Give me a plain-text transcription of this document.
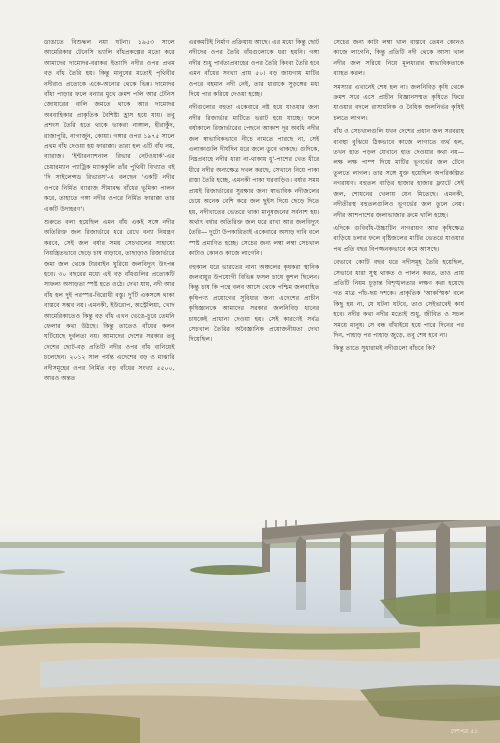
ডাঙাতে বিশুদ্ধল নয়া ঘটনা। ১৯৫৩ সালে আমেরিকার টেনেসি ভ্যালি বাঁধপ্রকল্পের মতো করে আমাদের দামোদর-বরাকর ইত্যাদি নদীর ওপর প্রথম বড় বাঁধ তৈরি হয়। কিন্তু মানুষের মতোই পৃথিবীর নদীরাও প্রত্যেকে একে-অন্যের থেকে ভিন্ন। দামোদর বাঁধা পাড়ার ফলে বন্যার মুখে ক্রমশ পলি আর টেনিস জোয়ারের বালি জমতে থাকে আর দামোদর অববাহিকার প্রাকৃতিক বৈশিষ্ট্য হ্রাস হয়ে যায়। তবু প্রশংস তৈরি হতে থাকে ভাকরা নাঙ্গাল, হীরাকুঁদ, রাজাপুরি, নাগার্জুন, কোয়া। গঙ্গার ওপর ১৯৭৫ সালে প্রথম বাঁধ দেওয়া হয় ফারাক্কা। তারা হল এটি বাঁধ নয়, ব্যারাজ। 'ইন্টারন্যাশনাল রিভার নেটওয়ার্ক'-এর চেয়ারম্যান প্যাট্রিক ম্যাককুলি তাঁর পুথিবী বিখ্যাত বই 'দি সাইলেন্সড রিভারস'-এ বলছেন 'একটি নদীর ওপরে নির্মিত ব্যারাজ সীমাবদ্ধ বাঁধের ভূমিকা পালন করে, তাহাতে গঙ্গা নদীর ওপরে নির্মিত ফারাক্কা তার একটি উদাহরণ'।

শুরুতে বলা হয়েছিল এমন বাঁধ একই সঙ্গে নদীর অতিরিক্ত জল রিজার্ভারে ধরে রেখে বন্যা নিয়ন্ত্রণ করবে, সেই জল বর্ষার সময় সেচখালের সাহায্যে নিয়ন্ত্রিতভাবে ছেড়ে চাষ বাড়াবে, তাছাড়াও রিজার্ভারে জমা জল থেকে টারবাইন ঘুরিয়ে জলবিদ্যুৎ উৎপন্ন হবে। ৩০ বছরের মধ্যে এই বড় বাঁধগুলির প্রত্যেকটি সাফল্য অসাড়তা স্পষ্ট হতে ওঠে। দেখা যায়, নদী আর বাঁধ হল দুই পরস্পর-বিরোধী বস্তু। দু'টি একসঙ্গে থাকা বাস্তবে সম্ভব নয়। এমনকী, ইউরোপ, অস্ট্রেলিয়া, খোদ আমেরিকাতেও কিন্তু বড় বাঁধ এখন ভেঙে-চুরে তেমনি ফেলার কথা উঠছে। কিন্তু তাতেও বাঁধের কলন ঘটিয়েছে দুর্বলতা নয়। আমাদের দেশের সরকার তবু দেশের ছোট-বড় প্রতিটি নদীর ওপর বাঁধ বানিয়েই চলেছেন। ২০১২ সাল পর্যন্ত এদেশের বড় ও মাঝারি নদীসমূহের ওপর নির্মিত বড় বাঁধের সংখ্যা ৫৫০০, আরও অন্তত

এরকমটিই নির্মাণ প্রক্রিয়ায় আছে। এর মধ্যে কিন্তু ছোট নদীদের ওপর তৈরি বাঁধগুলোকে ধরা হয়নি। গঙ্গা নদীর শুধু পার্বত্যপ্রবাহের ওপর তৈরি কিংবা তৈরি হবে এমন বাঁধের সংখ্যা প্রায় ৫০। বড় জায়গায় মাটির ওপরে বহমান নদী নেই, তার ধারাকে সুড়ঙ্গের মধ্য দিয়ে পার করিয়ে দেওয়া হচ্ছে।

নদীগুলোর বহুতা একেবারে নষ্ট হয়ে যাওয়ার জন্য নদীর রিজার্ভার মাটিতে ভরাট হয়ে যাচ্ছে। ফলে বর্ষাকালে রিজার্ভারের পেছনে আকাশ দূর অবধি নদীর জল স্বাভাবিকভাবে নীচে নামতে পারছে না, সেই এলাকাগুলি দীর্ঘদিন ধরে জলে ডুবে থাকছে। গুদিকে, নিম্নপ্রবাহে নদীর ধারা না-থাকায় ধু'-পাশের খেত ধীরে ধীরে নদীর অন্যক্ষেত্র দখল করছে, সেখানে নিয়ে পাকা রাস্তা তৈরি হচ্ছে, এমনকী পাকা ঘরবাড়িও। বর্ষার সময় প্রায়ই রিজার্ভারের সুরক্ষার জন্য স্বাভাবিক নদীজলের চেয়ে অনেক বেশি করে জল ছুইস দিয়ে ছেড়ে দিতে হয়, নদীখাতের ভেতরে থাকা মানুষজনের সর্বনাশ হয়। অর্থাৎ বর্ষার অতিরিক্ত জল ধরে রাখা আর জলবিদ্যুৎ তৈরি— দুটো উপকারিতাই একেবারে অসাড় দাবি বলে স্পষ্ট প্রমাণিত হচ্ছে। সেচের জন্য লম্বা লম্বা সেচখাল কাটাও কোনও কাজে লাগেনি।

বহুকাল ধরে ভারতের নানা অঞ্চলের কৃষকরা স্থানিক জলবায়ুর উপযোগী বিভিন্ন ফসল চাষে কুশল ছিলেন। কিন্তু চাষ কি পন্থে বলব আসে থেকে পশ্চিম জলবাহিত কৃষিপণ্য প্রয়োগের সুবিধার জন্য এদেশের প্রাচীন কৃষিজ্ঞানকে আমাদের সরকার জলনিবিড় ধানের চাষকেই প্রাধান্য দেওয়া হয়। সেই কারণেই সর্বত্র সেচখাল তৈরির অবৈজ্ঞানিক প্রয়োজনীয়তা দেখা দিয়েছিল।

সেচের জন্য কাটা লম্বা খাল বাস্তবে তেমন কোনও কাজে লাগেনি, কিন্তু প্রতিটি নদী থেকে আসা খাল নদীর জল সরিয়ে নিয়ে মূলধারার স্বাভাবিকতাকে ব্যাহত করল।

সমস্যার এখানেই শেষ হল না। জলনিবিড় কৃষি থেকে ক্রমশ সরে এসে প্রাচীন বিজ্ঞানসম্মত কৃষিতে ফিরে যাওয়ার বদলে রাসায়নিক ও বৈধিক জলনির্ভর কৃষিই চলতে লাগল।

বাঁধ ও সেচখালগুলি যখন দেশের প্রধান জল সরবরাহ ব্যবস্থা বুঝিয়ে ঠিকভাবে কাজে লাগাতে ব্যর্থ হল, তখন হাত পড়ল যেখানে হাত দেওয়ার কথা নয়— লক্ষ লক্ষ পাম্প দিয়ে মাটির ভূগর্ভের জল টেনে তুলতে লাগল। তার সঙ্গে যুক্ত হয়েছিল অপরিকল্পিত নগরায়ণ। বহুতল বাড়ির হাজার হাজার ফ্ল্যাটে সেই জল, শোধনের খেলায় যেন মিতেছে। এমনকী, নদীতীরস্থ বহুতলগুলিও ভূগর্ভের জল তুলে নেয়। নদীর আশপাশের জলাভাজার ক্রমে খালি হচ্ছে।

এদিকে গুবিবাঁধ-উচ্চাটিন নাগরায়ণ আর কৃষিক্ষেত্র বাড়িয়ে চলার ফলে বৃষ্টিজলের মাটির ভেতরে যাওয়ার পথ প্রতি বছর বিপজ্জনকভাবে কমে আসছে।

বেভাবে কোটি বছর ধরে নদীসমূহ তৈরি হয়েছিল, সেভাবে ধারা সুস্থ থাকত ও পালন করত, তাও প্রায় প্রতিটি নিয়ম চূড়ান্ত বিশৃঙ্খলতার লক্ষণ করা হয়েছে গত মাত্র পাঁচ-ছয় দশকে। প্রাকৃতিক 'আকস্মিক' বলে কিছু হয় না, যে ঘটনা ঘটবে, তাও সেইভাবেই কার্য হবে। নদীর কথা নদীর মতোই শুধু, জীবিত ও সচল সময়ে মানুষ। সে বন্ধ বাঁধাইয়ে হয়ে পারে দিনের পর দিন, পাহাড় পর পাহাড় জুড়ে, তবু শেষ হবে না।

কিন্তু তাতে সুধারামই নদীগুলো বাঁচবে কি?

দেশপত্র ৫১
